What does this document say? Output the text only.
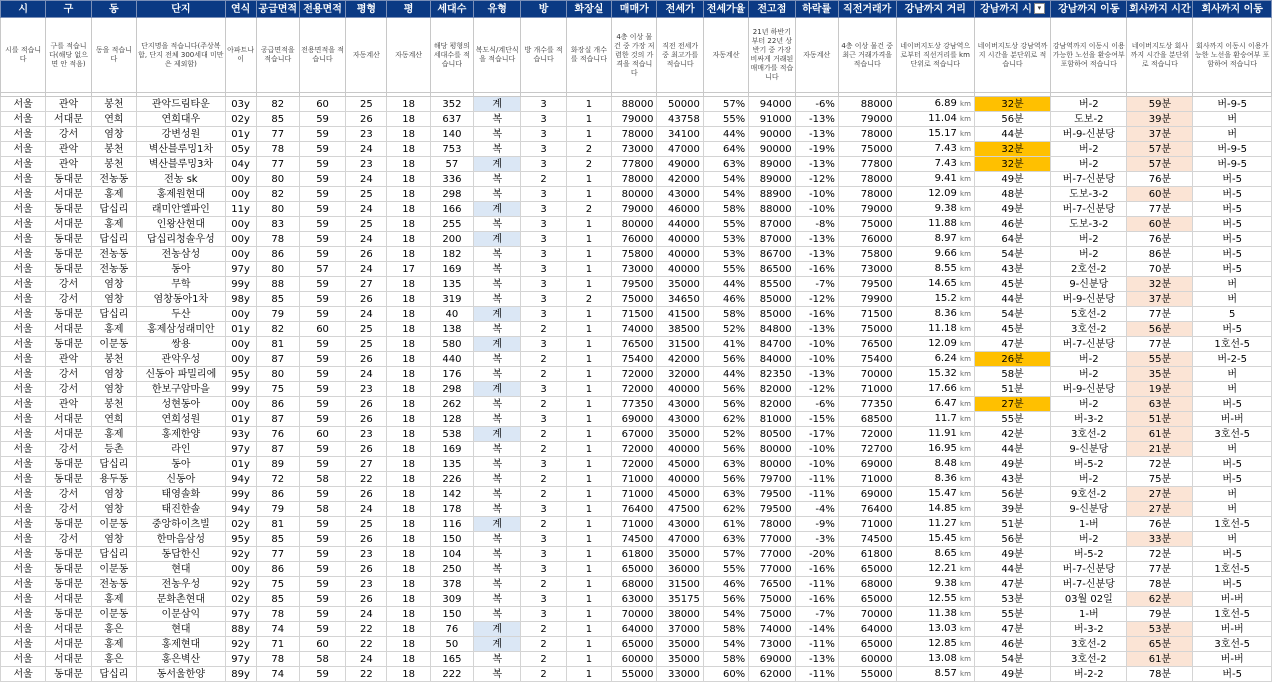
시	구	동	단지	연식	공급면적	전용면적	평형	평	세대수	유형	방	화장실	매매가	전세가	전세가율	전고점	하락률	직전거래가	강남까지 거리	강남까지 시 ▾	강남까지 이동	회사까지 시간	회사까지 이동
시를 적습니다	구를 적습니다(해당 없으면 안 적음)	동을 적습니다	단지명을 적습니다(주상복합, 단지 전체 300세대 미만은 제외함)	아파트나이	공급면적을 적습니다	전용면적을 적습니다	자동계산	자동계산	해당 평형의 세대수를 적습니다	복도식/계단식을 적습니다	방 개수를 적습니다	화장실 개수를 적습니다	4층 이상 물건 중 가장 저렴한 것의 가격을 적습니다	직전 전세가 중 최고가를 적습니다	자동계산	21년 하반기부터 22년 상반기 중 가장 비싸게 거래된 매매가를 적습니다	자동계산	4층 이상 물건 중 최근 거래가격을 적습니다	네이버지도상 강남역으로부터 직선거리를 km단위로 적습니다	네이버지도상 강남역까지 시간을 분단위로 적습니다	강남역까지 이동시 이용가능한 노선을 환승여부 포함하여 적습니다	네이버지도상 회사까지 시간을 분단위로 적습니다	회사까지 이동시 이용가능한 노선을 환승여부 포함하여 적습니다

서울	관악	봉천	관악드림타운	03y	82	60	25	18	352	계	3	1	88000	50000	57%	94000	-6%	88000	6.89 km	32분	버-2	59분	버-9-5
서울	서대문	연희	연희대우	02y	85	59	26	18	637	복	3	1	79000	43758	55%	91000	-13%	79000	11.04 km	56분	도보-2	39분	버
서울	강서	염창	강변성원	01y	77	59	23	18	140	복	3	1	78000	34100	44%	90000	-13%	78000	15.17 km	44분	버-9-신분당	37분	버
서울	관악	봉천	벽산블루밍1차	05y	78	59	24	18	753	복	3	2	73000	47000	64%	90000	-19%	75000	7.43 km	32분	버-2	57분	버-9-5
서울	관악	봉천	벽산블루밍3차	04y	77	59	23	18	57	계	3	2	77800	49000	63%	89000	-13%	77800	7.43 km	32분	버-2	57분	버-9-5
서울	동대문	전농동	전농 sk	00y	80	59	24	18	336	복	2	1	78000	42000	54%	89000	-12%	78000	9.41 km	49분	버-7-신분당	76분	버-5
서울	서대문	홍제	홍제원현대	00y	82	59	25	18	298	복	3	1	80000	43000	54%	88900	-10%	78000	12.09 km	48분	도보-3-2	60분	버-5
서울	동대문	답십리	래미안엘파인	11y	80	59	24	18	166	계	3	2	79000	46000	58%	88000	-10%	79000	9.38 km	49분	버-7-신분당	77분	버-5
서울	서대문	홍제	인왕산현대	00y	83	59	25	18	255	복	3	1	80000	44000	55%	87000	-8%	75000	11.88 km	46분	도보-3-2	60분	버-5
서울	동대문	답십리	답십리청솔우성	00y	78	59	24	18	200	계	3	1	76000	40000	53%	87000	-13%	76000	8.97 km	64분	버-2	76분	버-5
서울	동대문	전농동	전농삼성	00y	86	59	26	18	182	복	3	1	75800	40000	53%	86700	-13%	75800	9.66 km	54분	버-2	86분	버-5
서울	동대문	전농동	동아	97y	80	57	24	17	169	복	3	1	73000	40000	55%	86500	-16%	73000	8.55 km	43분	2호선-2	70분	버-5
서울	강서	염창	무학	99y	88	59	27	18	135	복	3	1	79500	35000	44%	85500	-7%	79500	14.65 km	45분	9-신분당	32분	버
서울	강서	염창	염창동아1차	98y	85	59	26	18	319	복	3	2	75000	34650	46%	85000	-12%	79900	15.2 km	44분	버-9-신분당	37분	버
서울	동대문	답십리	두산	00y	79	59	24	18	40	계	3	1	71500	41500	58%	85000	-16%	71500	8.36 km	54분	5호선-2	77분	5
서울	서대문	홍제	홍제삼성래미안	01y	82	60	25	18	138	복	2	1	74000	38500	52%	84800	-13%	75000	11.18 km	45분	3호선-2	56분	버-5
서울	동대문	이문동	쌍용	00y	81	59	25	18	580	계	3	1	76500	31500	41%	84700	-10%	76500	12.09 km	47분	버-7-신분당	77분	1호선-5
서울	관악	봉천	관악우성	00y	87	59	26	18	440	복	2	1	75400	42000	56%	84000	-10%	75400	6.24 km	26분	버-2	55분	버-2-5
서울	강서	염창	신동아 파밀리에	95y	80	59	24	18	176	복	2	1	72000	32000	44%	82350	-13%	70000	15.32 km	58분	버-2	35분	버
서울	강서	염창	한보구암마을	99y	75	59	23	18	298	계	3	1	72000	40000	56%	82000	-12%	71000	17.66 km	51분	버-9-신분당	19분	버
서울	관악	봉천	성현동아	00y	86	59	26	18	262	복	2	1	77350	43000	56%	82000	-6%	77350	6.47 km	27분	버-2	63분	버-5
서울	서대문	연희	연희성원	01y	87	59	26	18	128	복	3	1	69000	43000	62%	81000	-15%	68500	11.7 km	55분	버-3-2	51분	버-버
서울	서대문	홍제	홍제한양	93y	76	60	23	18	538	계	2	1	67000	35000	52%	80500	-17%	72000	11.91 km	42분	3호선-2	61분	3호선-5
서울	강서	등촌	라인	97y	87	59	26	18	169	복	2	1	72000	40000	56%	80000	-10%	72700	16.95 km	44분	9-신분당	21분	버
서울	동대문	답십리	동아	01y	89	59	27	18	135	복	3	1	72000	45000	63%	80000	-10%	69000	8.48 km	49분	버-5-2	72분	버-5
서울	동대문	용두동	신동아	94y	72	58	22	18	226	복	2	1	71000	40000	56%	79700	-11%	71000	8.36 km	43분	버-2	75분	버-5
서울	강서	염창	태영솔화	99y	86	59	26	18	142	복	2	1	71000	45000	63%	79500	-11%	69000	15.47 km	56분	9호선-2	27분	버
서울	강서	염창	태진한솔	94y	79	58	24	18	178	복	3	1	76400	47500	62%	79500	-4%	76400	14.85 km	39분	9-신분당	27분	버
서울	동대문	이문동	중앙하이츠빌	02y	81	59	25	18	116	계	2	1	71000	43000	61%	78000	-9%	71000	11.27 km	51분	1-버	76분	1호선-5
서울	강서	염창	한마음삼성	95y	85	59	26	18	150	복	3	1	74500	47000	63%	77000	-3%	74500	15.45 km	56분	버-2	33분	버
서울	동대문	답십리	동답한신	92y	77	59	23	18	104	복	3	1	61800	35000	57%	77000	-20%	61800	8.65 km	49분	버-5-2	72분	버-5
서울	동대문	이문동	현대	00y	86	59	26	18	250	복	3	1	65000	36000	55%	77000	-16%	65000	12.21 km	44분	버-7-신분당	77분	1호선-5
서울	동대문	전농동	전농우성	92y	75	59	23	18	378	복	2	1	68000	31500	46%	76500	-11%	68000	9.38 km	47분	버-7-신분당	78분	버-5
서울	서대문	홍제	문화촌현대	02y	85	59	26	18	309	복	3	1	63000	35175	56%	75000	-16%	65000	12.55 km	53분	03월 02일	62분	버-버
서울	동대문	이문동	이문삼익	97y	78	59	24	18	150	복	3	1	70000	38000	54%	75000	-7%	70000	11.38 km	55분	1-버	79분	1호선-5
서울	서대문	홍은	현대	88y	74	59	22	18	76	계	2	1	64000	37000	58%	74000	-14%	64000	13.03 km	47분	버-3-2	53분	버-버
서울	서대문	홍제	홍제현대	92y	71	60	22	18	50	계	2	1	65000	35000	54%	73000	-11%	65000	12.85 km	46분	3호선-2	65분	3호선-5
서울	서대문	홍은	홍은벽산	97y	78	58	24	18	165	복	2	1	60000	35000	58%	69000	-13%	60000	13.08 km	54분	3호선-2	61분	버-버
서울	동대문	답십리	동서울한양	89y	74	59	22	18	222	복	2	1	55000	33000	60%	62000	-11%	55000	8.57 km	49분	버-2-2	78분	버-5
